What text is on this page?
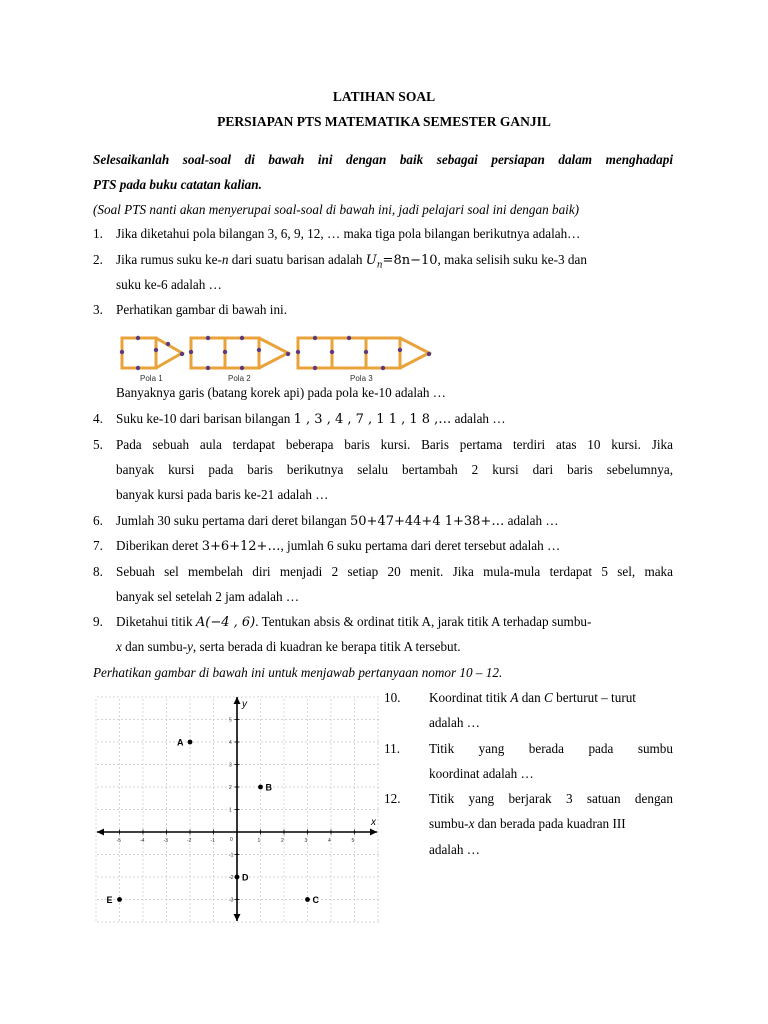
LATIHAN SOAL
PERSIAPAN PTS MATEMATIKA SEMESTER GANJIL
Selesaikanlah soal-soal di bawah ini dengan baik sebagai persiapan dalam menghadapi
PTS pada buku catatan kalian.
(Soal PTS nanti akan menyerupai soal-soal di bawah ini, jadi pelajari soal ini dengan baik)
1. Jika diketahui pola bilangan 3, 6, 9, 12, … maka tiga pola bilangan berikutnya adalah…
2. Jika rumus suku ke-n dari suatu barisan adalah $U_n=8n-10$, maka selisih suku ke-3 dan
suku ke-6 adalah …
3. Perhatikan gambar di bawah ini.
Pola 1	Pola 2	Pola 3
Banyaknya garis (batang korek api) pada pola ke-10 adalah …
4. Suku ke-10 dari barisan bilangan 1 , 3 , 4 , 7 , 1 1 , 1 8 ,… adalah …
5. Pada sebuah aula terdapat beberapa baris kursi. Baris pertama terdiri atas 10 kursi. Jika
banyak kursi pada baris berikutnya selalu bertambah 2 kursi dari baris sebelumnya,
banyak kursi pada baris ke-21 adalah …
6. Jumlah 30 suku pertama dari deret bilangan 50+47+44+4 1+38+… adalah …
7. Diberikan deret 3+6+12+…, jumlah 6 suku pertama dari deret tersebut adalah …
8. Sebuah sel membelah diri menjadi 2 setiap 20 menit. Jika mula-mula terdapat 5 sel, maka
banyak sel setelah 2 jam adalah …
9. Diketahui titik A(−4 , 6). Tentukan absis & ordinat titik A, jarak titik A terhadap sumbu-
x dan sumbu-y, serta berada di kuadran ke berapa titik A tersebut.
Perhatikan gambar di bawah ini untuk menjawab pertanyaan nomor 10 – 12.
x
y
-5	-4	-3	-2	-1	1	2	3	4	5
5
4
3
2
1
-1
-2
-3
0
A
B
D
E	C
10. Koordinat titik A dan C berturut – turut
adalah …
11. Titik    yang    berada    pada    sumbu
koordinat adalah …
12. Titik yang berjarak 3 satuan dengan
sumbu-x dan berada pada kuadran III
adalah …
